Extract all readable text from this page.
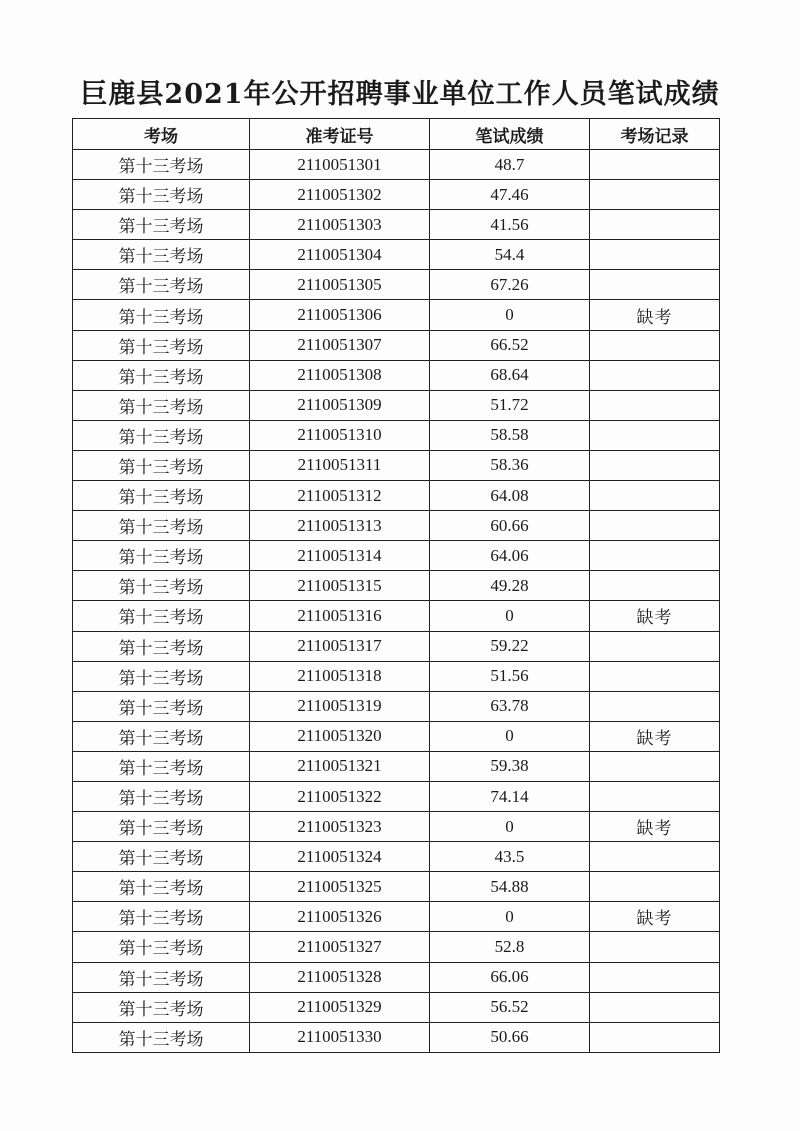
巨鹿县2021年公开招聘事业单位工作人员笔试成绩
考场	准考证号	笔试成绩	考场记录
第十三考场	2110051301	48.7	
第十三考场	2110051302	47.46	
第十三考场	2110051303	41.56	
第十三考场	2110051304	54.4	
第十三考场	2110051305	67.26	
第十三考场	2110051306	0	缺考
第十三考场	2110051307	66.52	
第十三考场	2110051308	68.64	
第十三考场	2110051309	51.72	
第十三考场	2110051310	58.58	
第十三考场	2110051311	58.36	
第十三考场	2110051312	64.08	
第十三考场	2110051313	60.66	
第十三考场	2110051314	64.06	
第十三考场	2110051315	49.28	
第十三考场	2110051316	0	缺考
第十三考场	2110051317	59.22	
第十三考场	2110051318	51.56	
第十三考场	2110051319	63.78	
第十三考场	2110051320	0	缺考
第十三考场	2110051321	59.38	
第十三考场	2110051322	74.14	
第十三考场	2110051323	0	缺考
第十三考场	2110051324	43.5	
第十三考场	2110051325	54.88	
第十三考场	2110051326	0	缺考
第十三考场	2110051327	52.8	
第十三考场	2110051328	66.06	
第十三考场	2110051329	56.52	
第十三考场	2110051330	50.66	
